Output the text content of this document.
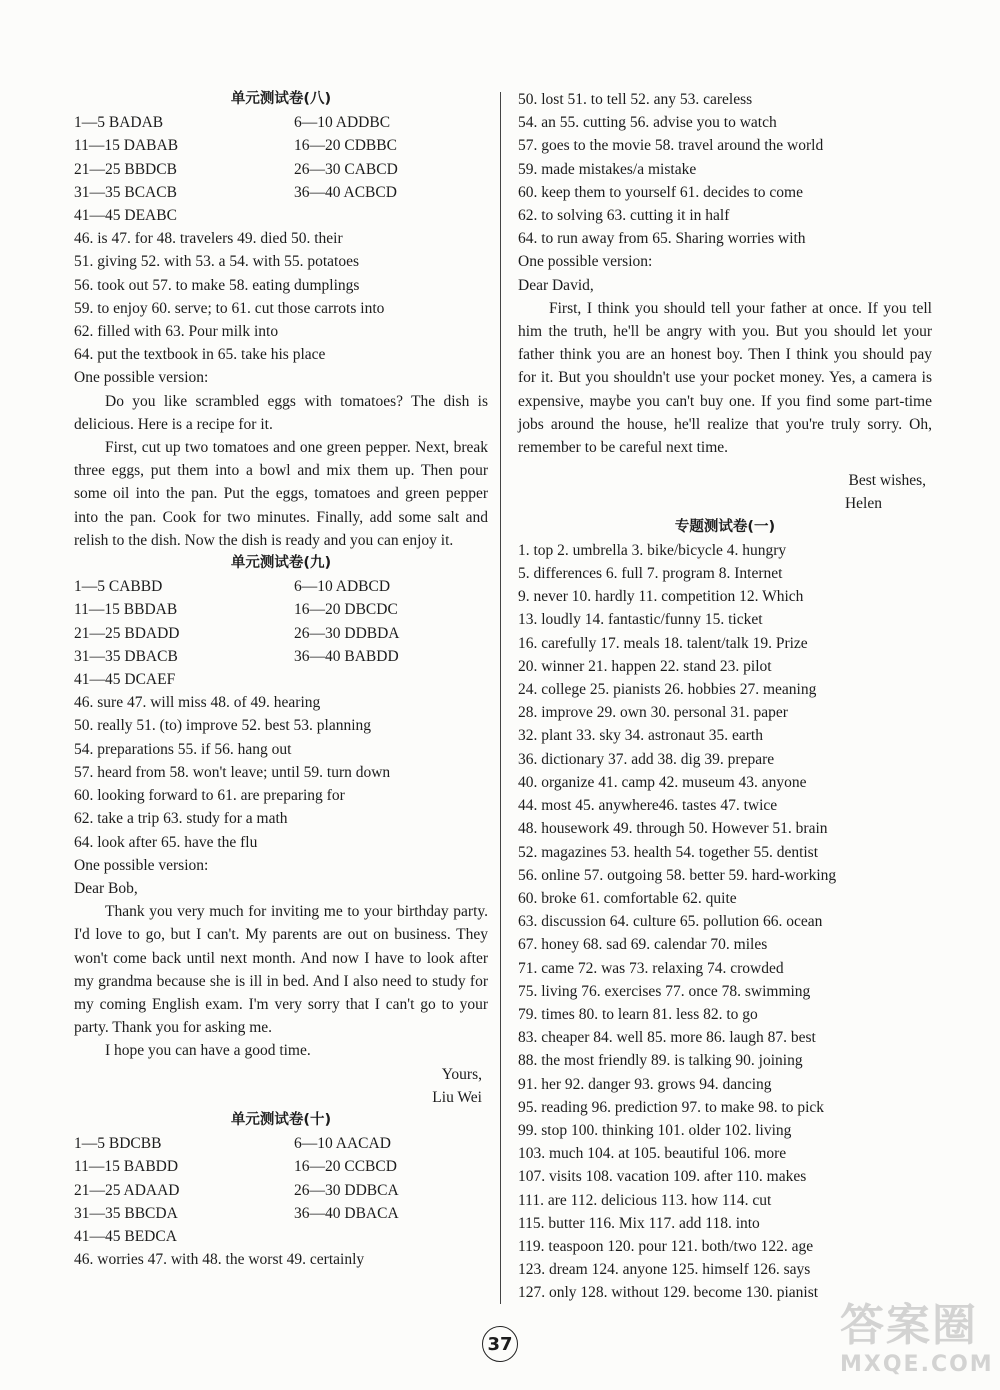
单元测试卷(八)
1—5 BADAB	6—10 ADDBC
11—15 DABAB	16—20 CDBBC
21—25 BBDCB	26—30 CABCD
31—35 BCACB	36—40 ACBCD
41—45 DEABC
46. is 47. for 48. travelers 49. died 50. their
51. giving 52. with 53. a 54. with 55. potatoes
56. took out 57. to make 58. eating dumplings
59. to enjoy 60. serve; to 61. cut those carrots into
62. filled with 63. Pour milk into
64. put the textbook in 65. take his place
One possible version:
Do you like scrambled eggs with tomatoes? The dish is delicious. Here is a recipe for it.
First, cut up two tomatoes and one green pepper. Next, break three eggs, put them into a bowl and mix them up. Then pour some oil into the pan. Put the eggs, tomatoes and green pepper into the pan. Cook for two minutes. Finally, add some salt and relish to the dish. Now the dish is ready and you can enjoy it.
单元测试卷(九)
1—5 CABBD	6—10 ADBCD
11—15 BBDAB	16—20 DBCDC
21—25 BDADD	26—30 DDBDA
31—35 DBACB	36—40 BABDD
41—45 DCAEF
46. sure 47. will miss 48. of 49. hearing
50. really 51. (to) improve 52. best 53. planning
54. preparations 55. if 56. hang out
57. heard from 58. won't leave; until 59. turn down
60. looking forward to 61. are preparing for
62. take a trip 63. study for a math
64. look after 65. have the flu
One possible version:
Dear Bob,
Thank you very much for inviting me to your birthday party. I'd love to go, but I can't. My parents are out on business. They won't come back until next month. And now I have to look after my grandma because she is ill in bed. And I also need to study for my coming English exam. I'm very sorry that I can't go to your party. Thank you for asking me.
I hope you can have a good time.
Yours,
Liu Wei
单元测试卷(十)
1—5 BDCBB	6—10 AACAD
11—15 BABDD	16—20 CCBCD
21—25 ADAAD	26—30 DDBCA
31—35 BBCDA	36—40 DBACA
41—45 BEDCA
46. worries 47. with 48. the worst 49. certainly
50. lost 51. to tell 52. any 53. careless
54. an 55. cutting 56. advise you to watch
57. goes to the movie 58. travel around the world
59. made mistakes/a mistake
60. keep them to yourself 61. decides to come
62. to solving 63. cutting it in half
64. to run away from 65. Sharing worries with
One possible version:
Dear David,
First, I think you should tell your father at once. If you tell him the truth, he'll be angry with you. But you should let your father think you are an honest boy. Then I think you should pay for it. But you shouldn't use your pocket money. Yes, a camera is expensive, maybe you can't buy one. If you find some part-time jobs around the house, he'll realize that you're truly sorry. Oh, remember to be careful next time.
Best wishes,
Helen
专题测试卷(一)
1. top 2. umbrella 3. bike/bicycle 4. hungry
5. differences 6. full 7. program 8. Internet
9. never 10. hardly 11. competition 12. Which
13. loudly 14. fantastic/funny 15. ticket
16. carefully 17. meals 18. talent/talk 19. Prize
20. winner 21. happen 22. stand 23. pilot
24. college 25. pianists 26. hobbies 27. meaning
28. improve 29. own 30. personal 31. paper
32. plant 33. sky 34. astronaut 35. earth
36. dictionary 37. add 38. dig 39. prepare
40. organize 41. camp 42. museum 43. anyone
44. most 45. anywhere46. tastes 47. twice
48. housework 49. through 50. However 51. brain
52. magazines 53. health 54. together 55. dentist
56. online 57. outgoing 58. better 59. hard-working
60. broke 61. comfortable 62. quite
63. discussion 64. culture 65. pollution 66. ocean
67. honey 68. sad 69. calendar 70. miles
71. came 72. was 73. relaxing 74. crowded
75. living 76. exercises 77. once 78. swimming
79. times 80. to learn 81. less 82. to go
83. cheaper 84. well 85. more 86. laugh 87. best
88. the most friendly 89. is talking 90. joining
91. her 92. danger 93. grows 94. dancing
95. reading 96. prediction 97. to make 98. to pick
99. stop 100. thinking 101. older 102. living
103. much 104. at 105. beautiful 106. more
107. visits 108. vacation 109. after 110. makes
111. are 112. delicious 113. how 114. cut
115. butter 116. Mix 117. add 118. into
119. teaspoon 120. pour 121. both/two 122. age
123. dream 124. anyone 125. himself 126. says
127. only 128. without 129. become 130. pianist
37	答案圈
MXQE.COM
